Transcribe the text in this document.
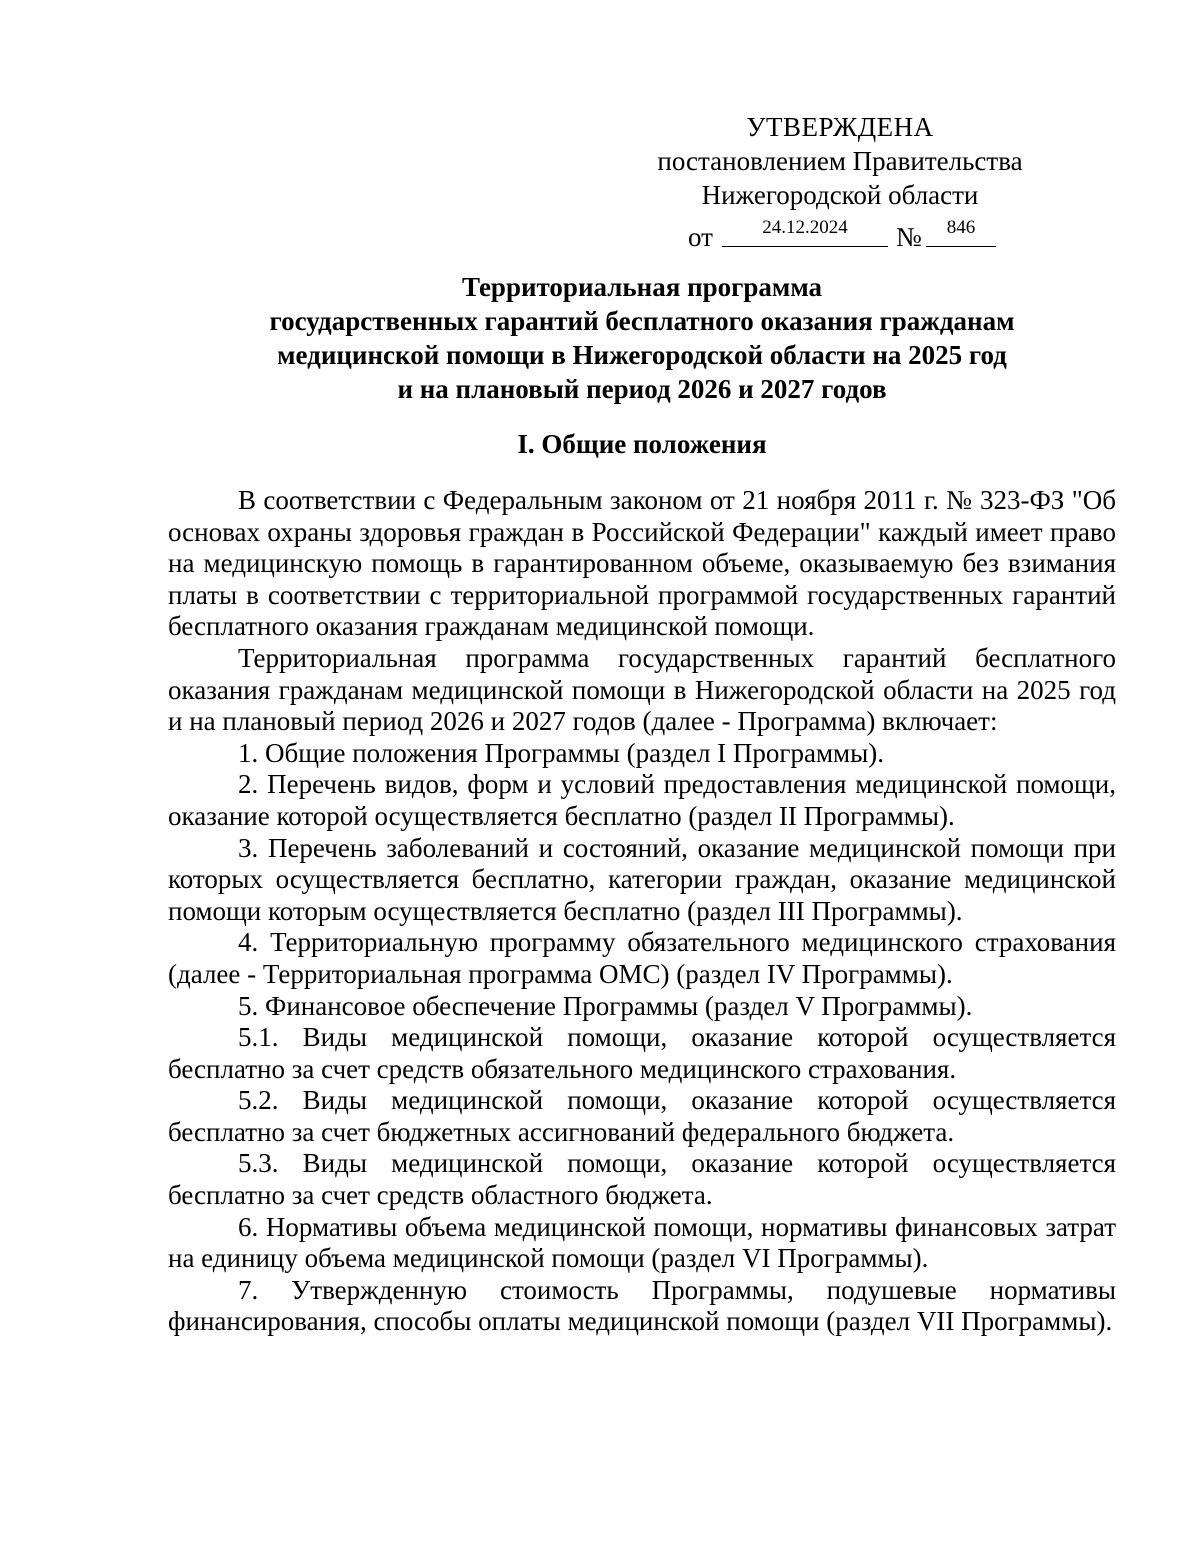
УТВЕРЖДЕНА
постановлением Правительства
Нижегородской области
от	24.12.2024	№	846
Территориальная программа
государственных гарантий бесплатного оказания гражданам
медицинской помощи в Нижегородской области на 2025 год
и на плановый период 2026 и 2027 годов
I. Общие положения

В соответствии с Федеральным законом от 21 ноября 2011 г. № 323-ФЗ "Об основах охраны здоровья граждан в Российской Федерации" каждый имеет право на медицинскую помощь в гарантированном объеме, оказываемую без взимания платы в соответствии с территориальной программой государственных гарантий бесплатного оказания гражданам медицинской помощи.

Территориальная программа государственных гарантий бесплатного оказания гражданам медицинской помощи в Нижегородской области на 2025 год и на плановый период 2026 и 2027 годов (далее - Программа) включает:

1. Общие положения Программы (раздел I Программы).

2. Перечень видов, форм и условий предоставления медицинской помощи, оказание которой осуществляется бесплатно (раздел II Программы).

3. Перечень заболеваний и состояний, оказание медицинской помощи при которых осуществляется бесплатно, категории граждан, оказание медицинской помощи которым осуществляется бесплатно (раздел III Программы).

4. Территориальную программу обязательного медицинского страхования (далее - Территориальная программа ОМС) (раздел IV Программы).

5. Финансовое обеспечение Программы (раздел V Программы).

5.1. Виды медицинской помощи, оказание которой осуществляется бесплатно за счет средств обязательного медицинского страхования.

5.2. Виды медицинской помощи, оказание которой осуществляется бесплатно за счет бюджетных ассигнований федерального бюджета.

5.3. Виды медицинской помощи, оказание которой осуществляется бесплатно за счет средств областного бюджета.

6. Нормативы объема медицинской помощи, нормативы финансовых затрат на единицу объема медицинской помощи (раздел VI Программы).

7. Утвержденную стоимость Программы, подушевые нормативы финансирования, способы оплаты медицинской помощи (раздел VII Программы).
